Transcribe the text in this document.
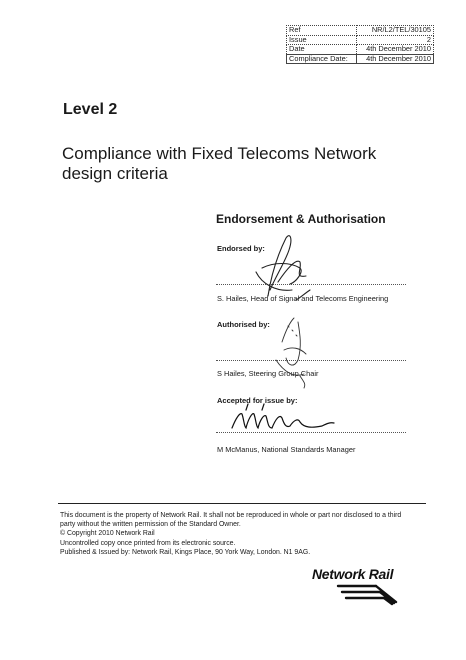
Ref	NR/L2/TEL/30105
Issue	2
Date	4th December 2010
Compliance Date:	4th December 2010
Level 2
Compliance with Fixed Telecoms Network design criteria
Endorsement & Authorisation
Endorsed by:
S. Hailes, Head of Signal and Telecoms Engineering
Authorised by:
S Hailes, Steering Group Chair
Accepted for issue by:
M McManus, National Standards Manager
This document is the property of Network Rail. It shall not be reproduced in whole or part nor disclosed to a third
party without the written permission of the Standard Owner.
© Copyright 2010 Network Rail
Uncontrolled copy once printed from its electronic source.
Published & Issued by: Network Rail, Kings Place, 90 York Way, London. N1 9AG.
Network Rail
